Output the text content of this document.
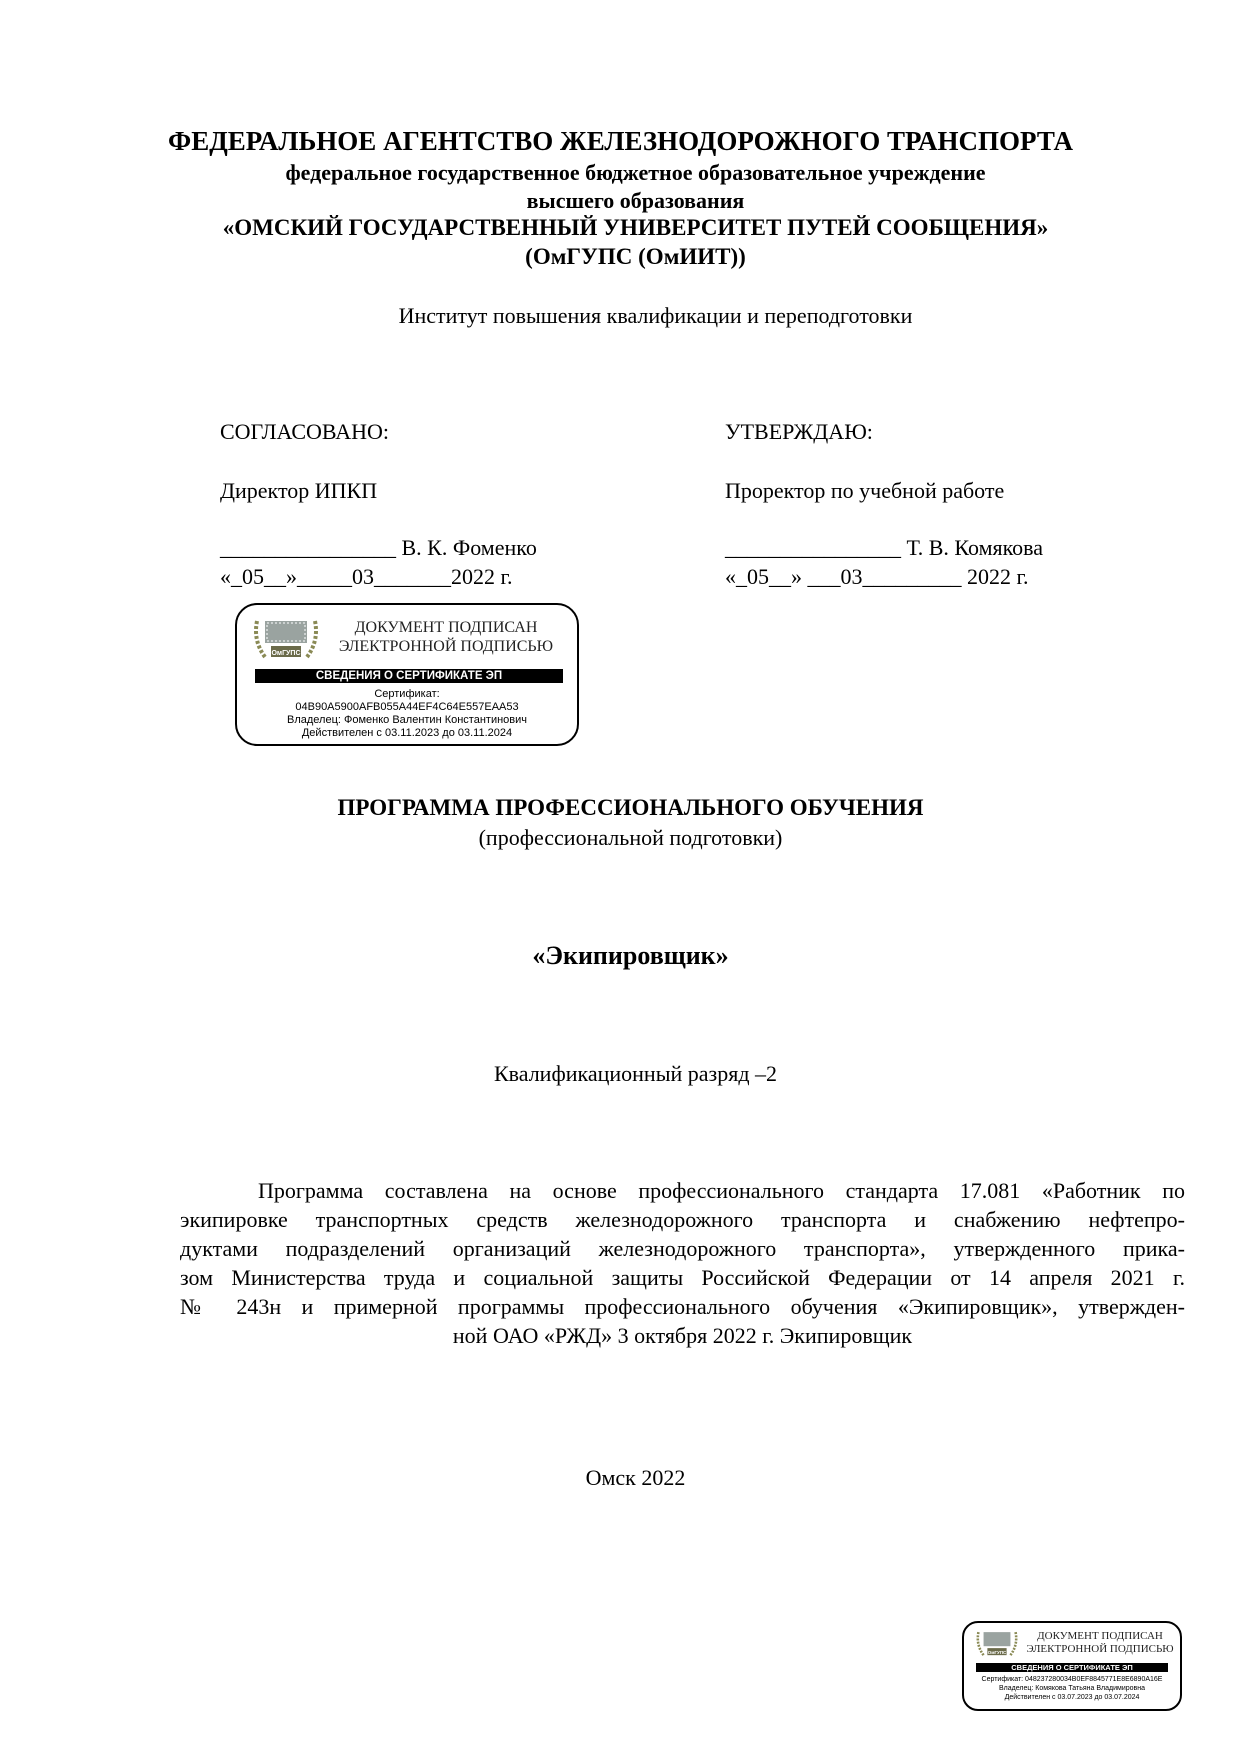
ФЕДЕРАЛЬНОЕ АГЕНТСТВО ЖЕЛЕЗНОДОРОЖНОГО ТРАНСПОРТА
федеральное государственное бюджетное образовательное учреждение
высшего образования
«ОМСКИЙ ГОСУДАРСТВЕННЫЙ УНИВЕРСИТЕТ ПУТЕЙ СООБЩЕНИЯ»
(ОмГУПС (ОмИИТ))
Институт повышения квалификации и переподготовки
СОГЛАСОВАНО:
Директор ИПКП
________________ В. К. Фоменко
«_05__»_____03_______2022 г.
УТВЕРЖДАЮ:
Проректор по учебной работе
________________ Т. В. Комякова
«_05__» ___03_________ 2022 г.
ОмГУПС
ДОКУМЕНТ ПОДПИСАН
ЭЛЕКТРОННОЙ ПОДПИСЬЮ
СВЕДЕНИЯ О СЕРТИФИКАТЕ ЭП
Сертификат:
04B90A5900AFB055A44EF4C64E557EAA53
Владелец: Фоменко Валентин Константинович
Действителен с 03.11.2023 до 03.11.2024
ПРОГРАММА ПРОФЕССИОНАЛЬНОГО ОБУЧЕНИЯ
(профессиональной подготовки)
«Экипировщик»
Квалификационный разряд –2
Программа составлена на основе профессионального стандарта 17.081 «Работник по
экипировке транспортных средств железнодорожного транспорта и снабжению нефтепро-
дуктами подразделений организаций железнодорожного транспорта», утвержденного прика-
зом Министерства труда и социальной защиты Российской Федерации от 14 апреля 2021 г.
№ 243н и примерной программы профессионального обучения «Экипировщик», утвержден-
ной ОАО «РЖД» 3 октября 2022 г. Экипировщик
Омск 2022
ОмГУПС
ДОКУМЕНТ ПОДПИСАН
ЭЛЕКТРОННОЙ ПОДПИСЬЮ
СВЕДЕНИЯ О СЕРТИФИКАТЕ ЭП
Сертификат: 048237280034B0EF8845771E8E6890A16E
Владелец: Комякова Татьяна Владимировна
Действителен с 03.07.2023 до 03.07.2024
